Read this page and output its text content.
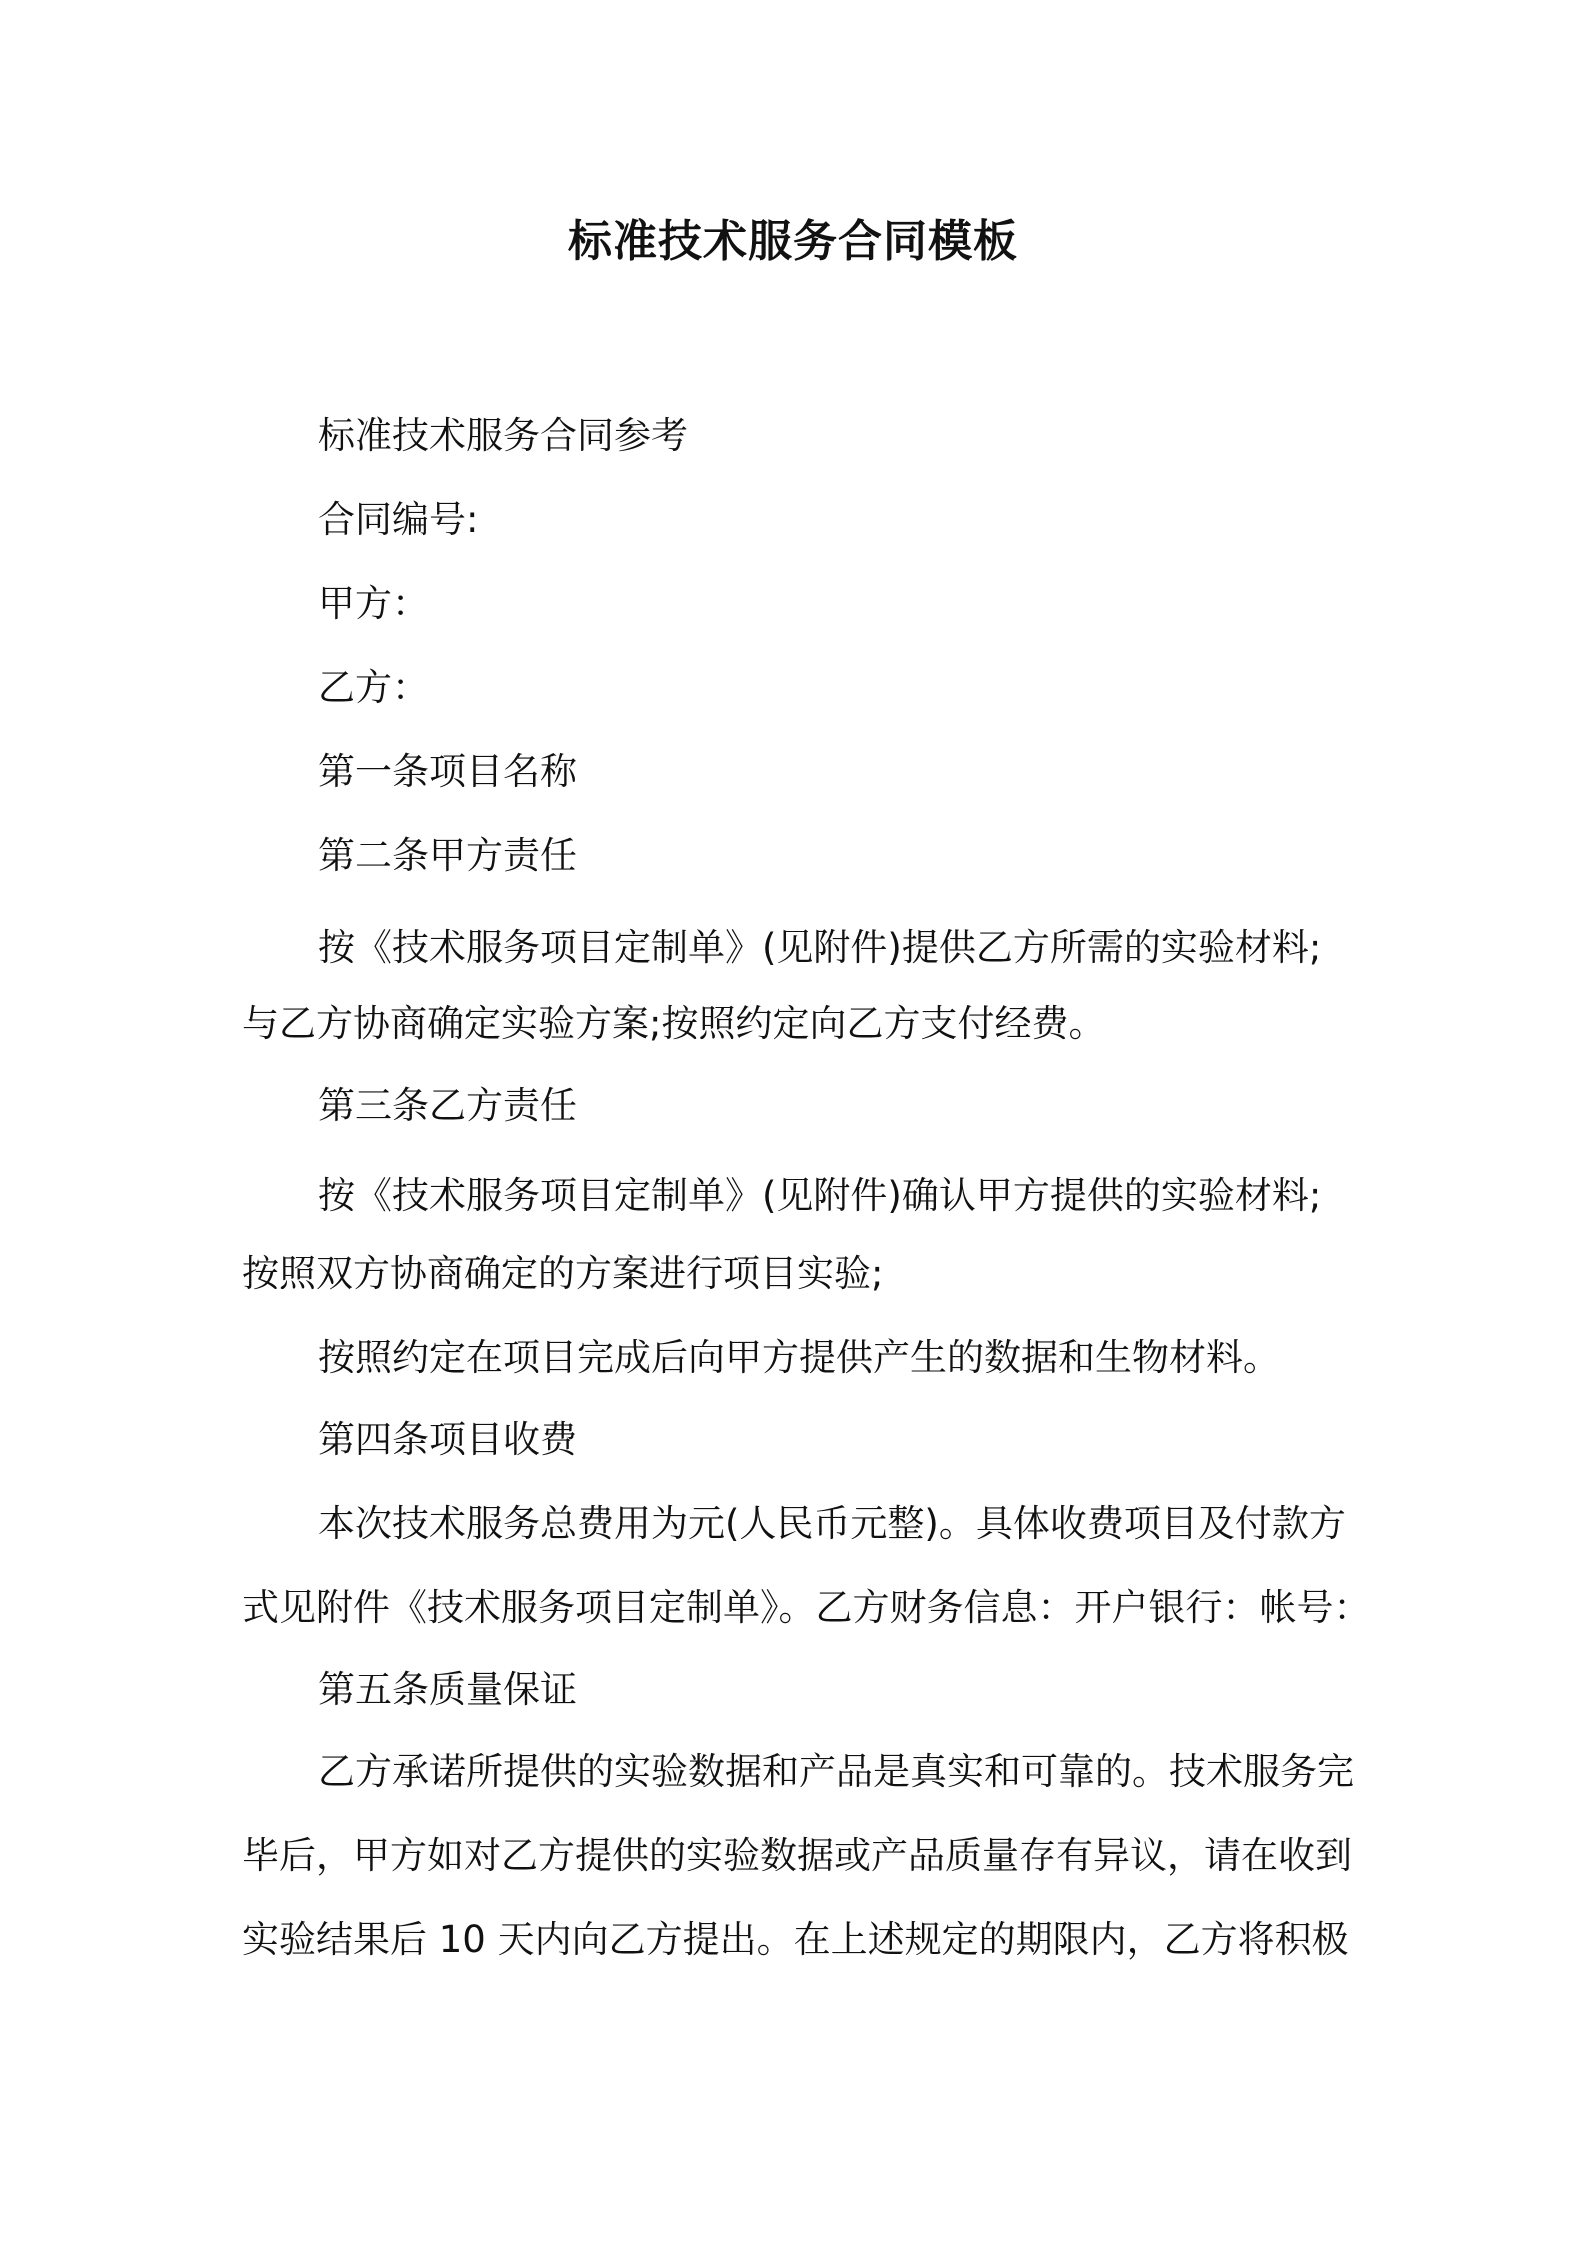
标准技术服务合同模板
标准技术服务合同参考
合同编号:
甲方：
乙方：
第一条项目名称
第二条甲方责任
按《技术服务项目定制单》(见附件)提供乙方所需的实验材料;
与乙方协商确定实验方案;按照约定向乙方支付经费。
第三条乙方责任
按《技术服务项目定制单》(见附件)确认甲方提供的实验材料;
按照双方协商确定的方案进行项目实验;
按照约定在项目完成后向甲方提供产生的数据和生物材料。
第四条项目收费
本次技术服务总费用为元(人民币元整)。具体收费项目及付款方
式见附件《技术服务项目定制单》。乙方财务信息：开户银行：帐号：
第五条质量保证
乙方承诺所提供的实验数据和产品是真实和可靠的。技术服务完
毕后，甲方如对乙方提供的实验数据或产品质量存有异议，请在收到
实验结果后 10 天内向乙方提出。在上述规定的期限内，乙方将积极
